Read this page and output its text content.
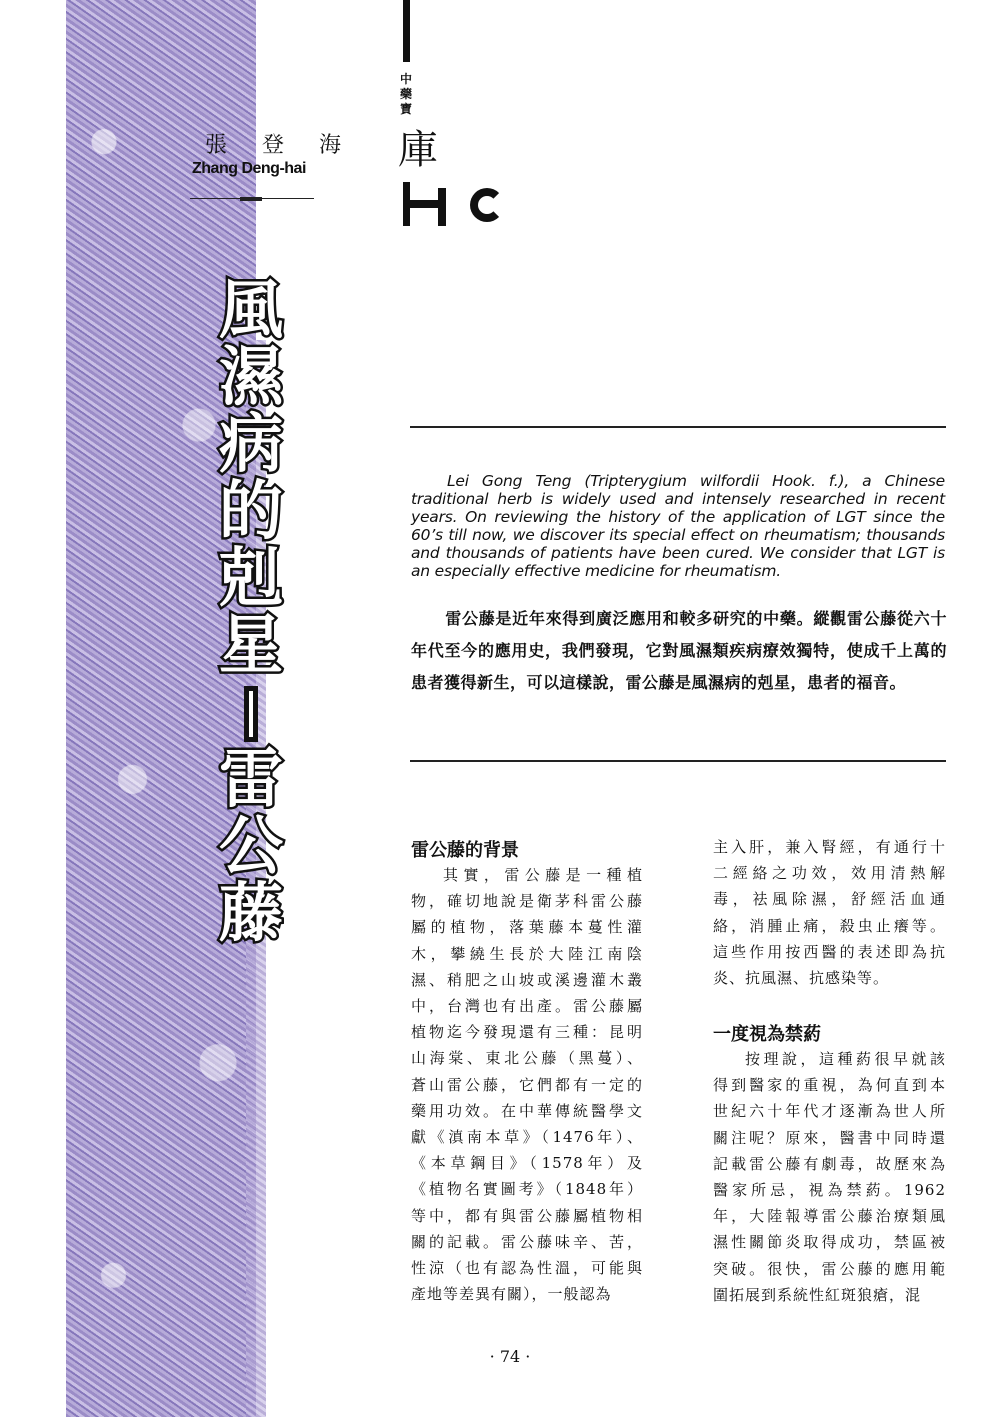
張 登 海
Zhang Deng-hai
中藥寶
庫
風
濕
病
的
剋
星
雷
公
藤
Lei Gong Teng (Tripterygium wilfordii Hook. f.), a Chinese traditional herb is widely used and intensely researched in recent years. On reviewing the history of the application of LGT since the 60’s till now, we discover its special effect on rheumatism; thousands and thousands of patients have been cured. We consider that LGT is an especially effective medicine for rheumatism.
雷公藤是近年來得到廣泛應用和較多研究的中藥。縱觀雷公藤從六十年代至今的應用史，我們發現，它對風濕類疾病療效獨特，使成千上萬的患者獲得新生，可以這樣說，雷公藤是風濕病的剋星，患者的福音。
雷公藤的背景

其實，雷公藤是一種植

物，確切地說是衛茅科雷公藤

屬的植物，落葉藤本蔓性灌

木，攀繞生長於大陸江南陰

濕、稍肥之山坡或溪邊灌木叢

中，台灣也有出產。雷公藤屬

植物迄今發現還有三種：昆明

山海棠、東北公藤（黑蔓）、

蒼山雷公藤，它們都有一定的

藥用功效。在中華傳統醫學文

獻《滇南本草》（1476年）、

《本草鋼目》（1578年）及

《植物名實圖考》（1848年）

等中，都有與雷公藤屬植物相

關的記載。雷公藤味辛、苦，

性涼（也有認為性溫，可能與

產地等差異有關），一般認為

主入肝，兼入腎經，有通行十

二經絡之功效，效用清熱解

毒，祛風除濕，舒經活血通

絡，消腫止痛，殺虫止癢等。

這些作用按西醫的表述即為抗

炎、抗風濕、抗感染等。

一度視為禁葯

按理說，這種葯很早就該

得到醫家的重視，為何直到本

世紀六十年代才逐漸為世人所

關注呢？原來，醫書中同時還

記載雷公藤有劇毒，故歷來為

醫家所忌，視為禁葯。1962

年，大陸報導雷公藤治療類風

濕性關節炎取得成功，禁區被

突破。很快，雷公藤的應用範

圍拓展到系統性紅斑狼瘡，混

· 74 ·
